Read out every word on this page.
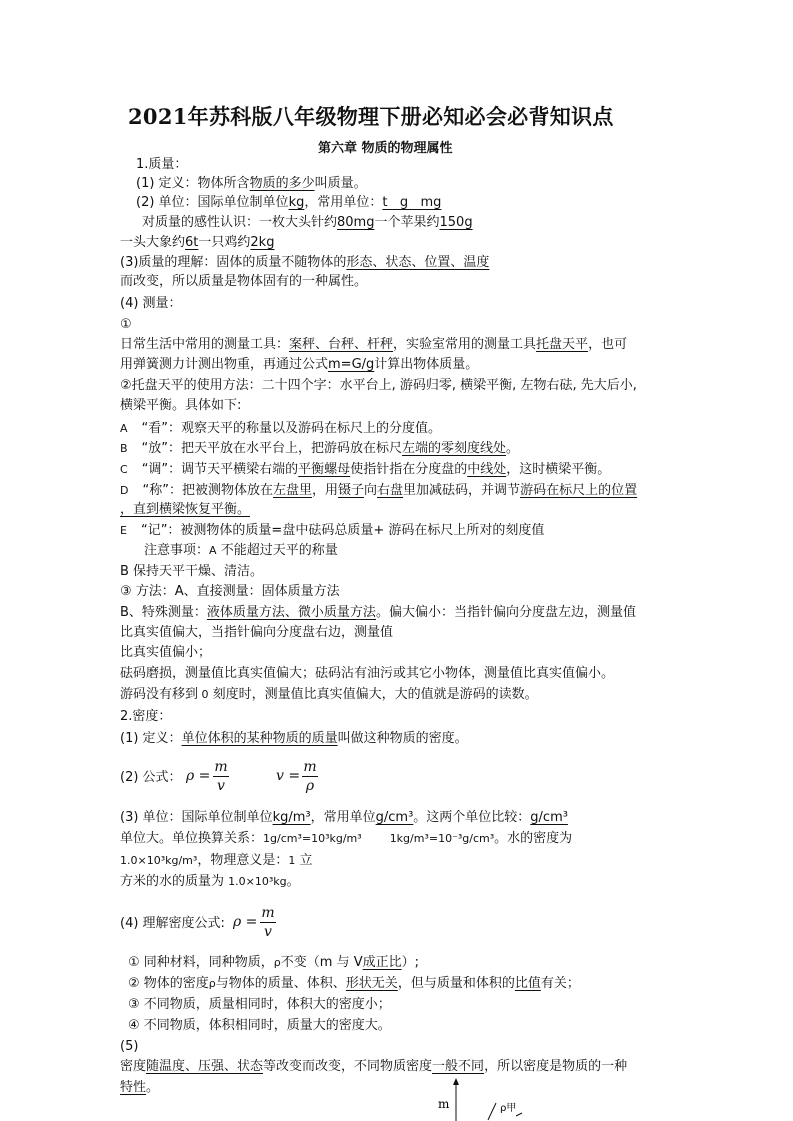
2021年苏科版八年级物理下册必知必会必背知识点
第六章 物质的物理属性
1.质量：
(1) 定义：物体所含物质的多少叫质量。
(2) 单位：国际单位制单位kg，常用单位：t   g   mg
对质量的感性认识：一枚大头针约80mg一个苹果约150g
一头大象约6t一只鸡约2kg
(3)质量的理解：固体的质量不随物体的形态、状态、位置、温度
而改变，所以质量是物体固有的一种属性。
(4) 测量：
①
日常生活中常用的测量工具：案秤、台秤、杆秤，实验室常用的测量工具托盘天平，也可
用弹簧测力计测出物重，再通过公式m=G/g计算出物体质量。
②托盘天平的使用方法：二十四个字：水平台上, 游码归零, 横梁平衡, 左物右砝, 先大后小,
横梁平衡。具体如下:
A “看”：观察天平的称量以及游码在标尺上的分度值。
B “放”：把天平放在水平台上，把游码放在标尺左端的零刻度线处。
C “调”：调节天平横梁右端的平衡螺母使指针指在分度盘的中线处，这时横梁平衡。
D “称”：把被测物体放在左盘里，用镊子向右盘里加减砝码，并调节游码在标尺上的位置
，直到横梁恢复平衡。
E “记”：被测物体的质量=盘中砝码总质量+ 游码在标尺上所对的刻度值
注意事项：A 不能超过天平的称量
B 保持天平干燥、清洁。
③ 方法：A、直接测量：固体质量方法
B、特殊测量：液体质量方法、微小质量方法。偏大偏小：当指针偏向分度盘左边，测量值
比真实值偏大，当指针偏向分度盘右边，测量值
比真实值偏小；
砝码磨损，测量值比真实值偏大；砝码沾有油污或其它小物体，测量值比真实值偏小。
游码没有移到 0 刻度时，测量值比真实值偏大，大的值就是游码的读数。
2.密度：
(1) 定义：单位体积的某种物质的质量叫做这种物质的密度。
(2) 公式： ρ =
m
v
v =
m
ρ
(3) 单位：国际单位制单位kg/m³，常用单位g/cm³。这两个单位比较：g/cm³
单位大。单位换算关系：1g/cm³=10³kg/m³	1kg/m³=10⁻³g/cm³。水的密度为
1.0×10³kg/m³，物理意义是：1 立
方米的水的质量为 1.0×10³kg。
(4) 理解密度公式: ρ =
m
v
① 同种材料，同种物质，ρ不变（m 与 V成正比）;
② 物体的密度ρ与物体的质量、体积、形状无关，但与质量和体积的比值有关；
③ 不同物质，质量相同时，体积大的密度小；
④ 不同物质，体积相同时，质量大的密度大。
(5)
密度随温度、压强、状态等改变而改变，不同物质密度一般不同，所以密度是物质的一种
特性。
m	ρ甲
